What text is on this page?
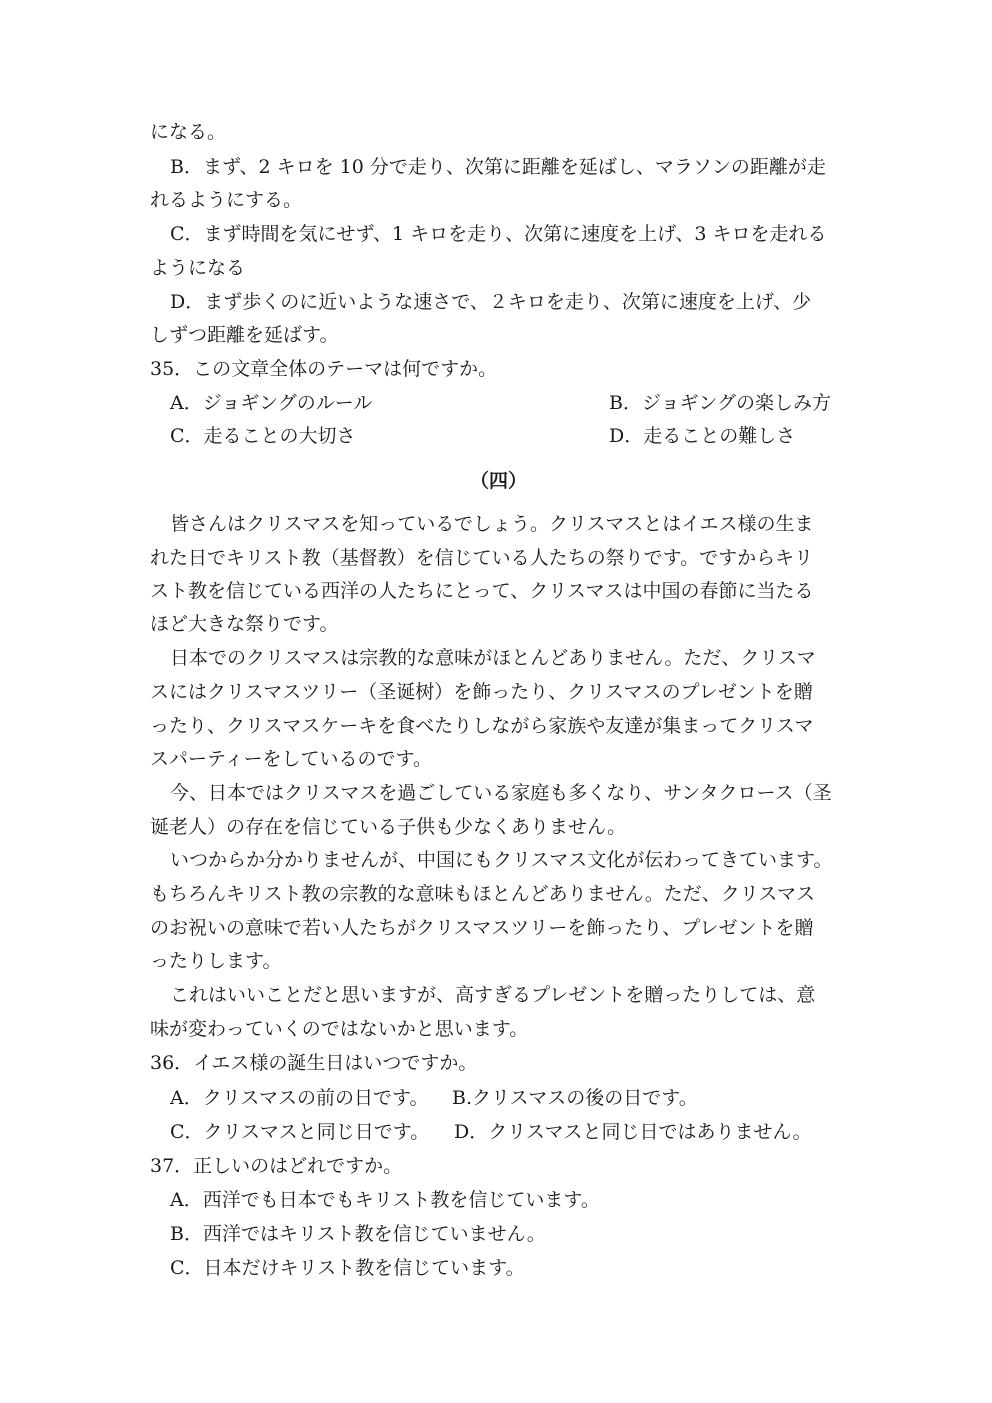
になる。
B．まず、2 キロを 10 分で走り、次第に距離を延ばし、マラソンの距離が走
れるようにする。
C．まず時間を気にせず、1 キロを走り、次第に速度を上げ、3 キロを走れる
ようになる
D．まず歩くのに近いような速さで、２キロを走り、次第に速度を上げ、少
しずつ距離を延ばす。
35．この文章全体のテーマは何ですか。
A．ジョギングのルール	B．ジョギングの楽しみ方
C．走ることの大切さ	D．走ることの難しさ
（四）
皆さんはクリスマスを知っているでしょう。クリスマスとはイエス様の生ま
れた日でキリスト教（基督教）を信じている人たちの祭りです。ですからキリ
スト教を信じている西洋の人たちにとって、クリスマスは中国の春節に当たる
ほど大きな祭りです。
日本でのクリスマスは宗教的な意味がほとんどありません。ただ、クリスマ
スにはクリスマスツリー（圣诞树）を飾ったり、クリスマスのプレゼントを贈
ったり、クリスマスケーキを食べたりしながら家族や友達が集まってクリスマ
スパーティーをしているのです。
今、日本ではクリスマスを過ごしている家庭も多くなり、サンタクロース（圣
诞老人）の存在を信じている子供も少なくありません。
いつからか分かりませんが、中国にもクリスマス文化が伝わってきています。
もちろんキリスト教の宗教的な意味もほとんどありません。ただ、クリスマス
のお祝いの意味で若い人たちがクリスマスツリーを飾ったり、プレゼントを贈
ったりします。
これはいいことだと思いますが、高すぎるプレゼントを贈ったりしては、意
味が変わっていくのではないかと思います。
36．イエス様の誕生日はいつですか。
A．クリスマスの前の日です。 B.クリスマスの後の日です。
C．クリスマスと同じ日です。 D．クリスマスと同じ日ではありません。
37．正しいのはどれですか。
A．西洋でも日本でもキリスト教を信じています。
B．西洋ではキリスト教を信じていません。
C．日本だけキリスト教を信じています。
